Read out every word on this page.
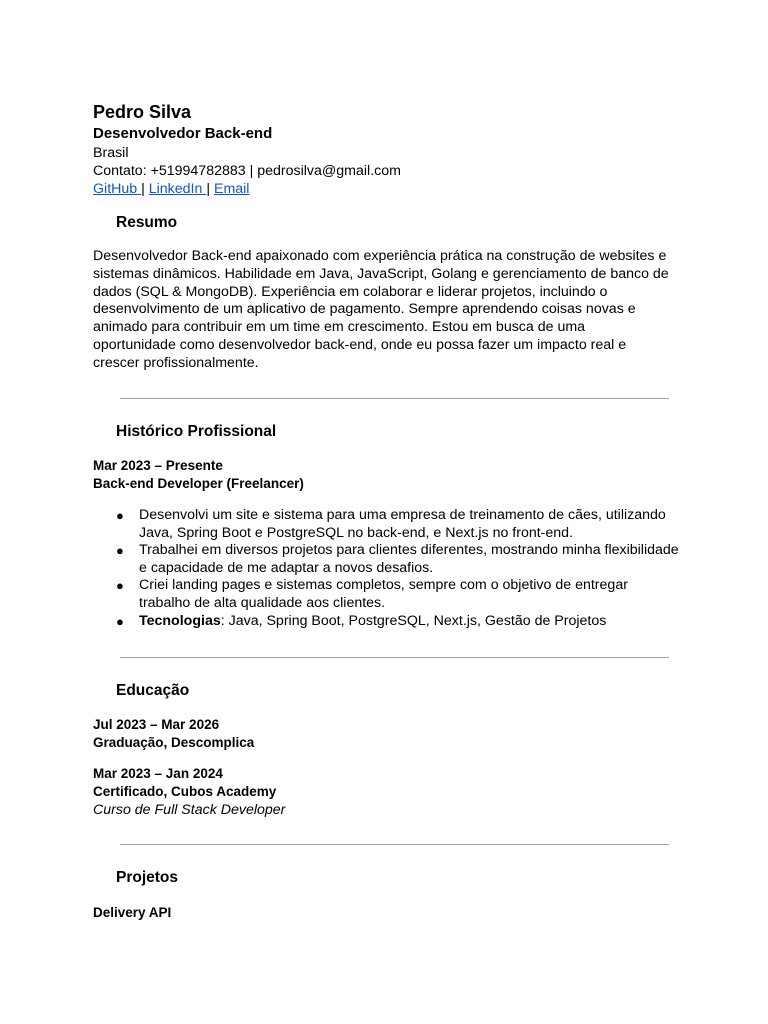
Pedro Silva

Desenvolvedor Back-end

Brasil

Contato: +51994782883 | pedrosilva@gmail.com

GitHub | LinkedIn | Email

Resumo

Desenvolvedor Back-end apaixonado com experiência prática na construção de websites e sistemas dinâmicos. Habilidade em Java, JavaScript, Golang e gerenciamento de banco de dados (SQL & MongoDB). Experiência em colaborar e liderar projetos, incluindo o desenvolvimento de um aplicativo de pagamento. Sempre aprendendo coisas novas e animado para contribuir em um time em crescimento. Estou em busca de uma oportunidade como desenvolvedor back-end, onde eu possa fazer um impacto real e crescer profissionalmente.

Histórico Profissional

Mar 2023 – Presente

Back-end Developer (Freelancer)

● Desenvolvi um site e sistema para uma empresa de treinamento de cães, utilizando Java, Spring Boot e PostgreSQL no back-end, e Next.js no front-end.
● Trabalhei em diversos projetos para clientes diferentes, mostrando minha flexibilidade e capacidade de me adaptar a novos desafios.
● Criei landing pages e sistemas completos, sempre com o objetivo de entregar trabalho de alta qualidade aos clientes.
● Tecnologias: Java, Spring Boot, PostgreSQL, Next.js, Gestão de Projetos

Educação

Jul 2023 – Mar 2026

Graduação, Descomplica

Mar 2023 – Jan 2024

Certificado, Cubos Academy

Curso de Full Stack Developer

Projetos

Delivery API
